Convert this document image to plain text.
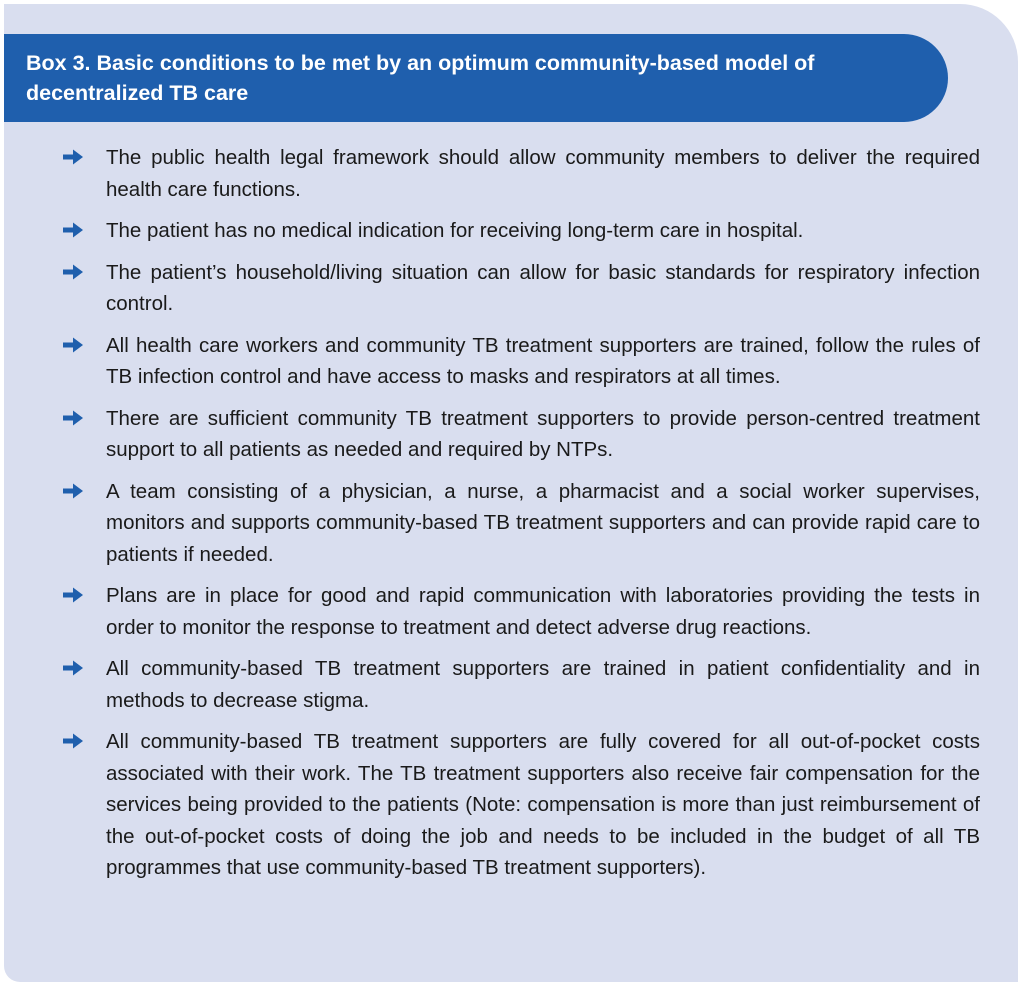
Box 3. Basic conditions to be met by an optimum community-based model of decentralized TB care
The public health legal framework should allow community members to deliver the required health care functions.
The patient has no medical indication for receiving long-term care in hospital.
The patient’s household/living situation can allow for basic standards for respiratory infection control.
All health care workers and community TB treatment supporters are trained, follow the rules of TB infection control and have access to masks and respirators at all times.
There are sufficient community TB treatment supporters to provide person-centred treatment support to all patients as needed and required by NTPs.
A team consisting of a physician, a nurse, a pharmacist and a social worker supervises, monitors and supports community-based TB treatment supporters and can provide rapid care to patients if needed.
Plans are in place for good and rapid communication with laboratories providing the tests in order to monitor the response to treatment and detect adverse drug reactions.
All community-based TB treatment supporters are trained in patient confidentiality and in methods to decrease stigma.
All community-based TB treatment supporters are fully covered for all out-of-pocket costs associated with their work. The TB treatment supporters also receive fair compensation for the services being provided to the patients (Note: compensation is more than just reimbursement of the out-of-pocket costs of doing the job and needs to be included in the budget of all TB programmes that use community-based TB treatment supporters).
